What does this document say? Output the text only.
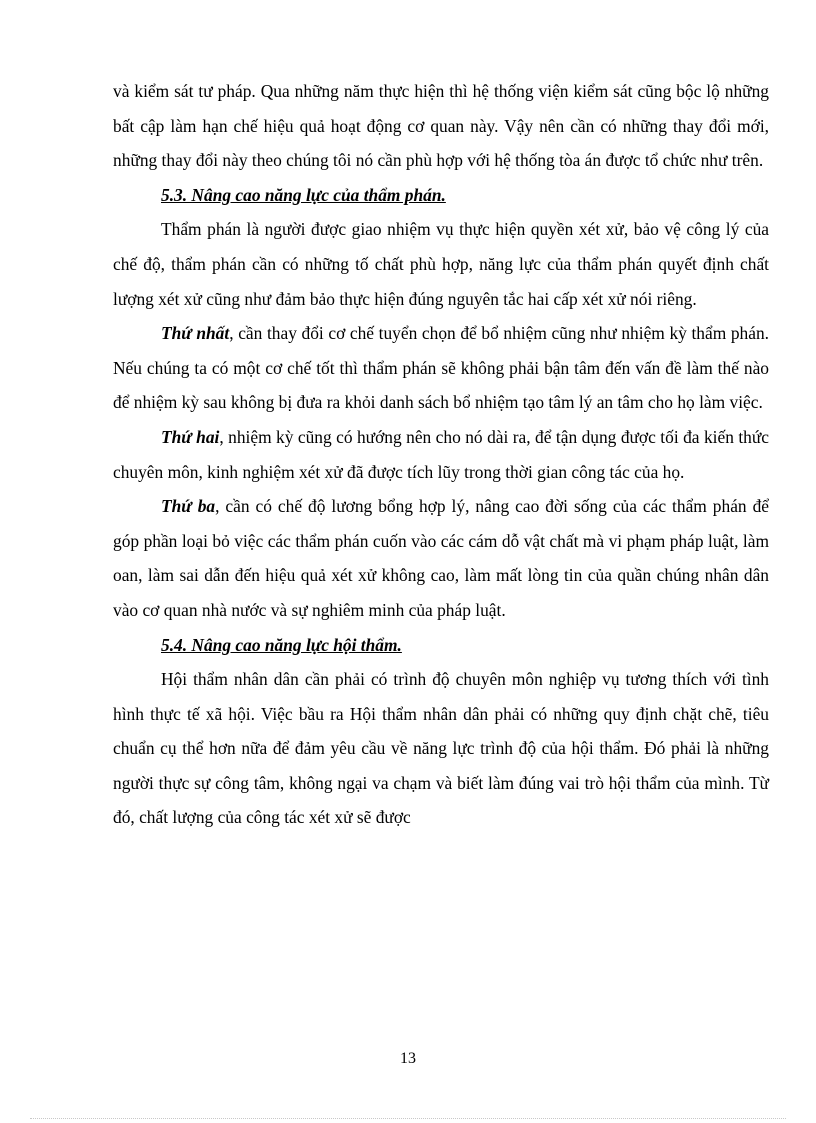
và kiểm sát tư pháp. Qua những năm thực hiện thì hệ thống viện kiểm sát cũng bộc lộ những bất cập làm hạn chế hiệu quả hoạt động cơ quan này. Vậy nên cần có những thay đổi mới, những thay đổi này theo chúng tôi nó cần phù hợp với hệ thống tòa án được tổ chức như trên.

5.3. Nâng cao năng lực của thẩm phán.

Thẩm phán là người được giao nhiệm vụ thực hiện quyền xét xử, bảo vệ công lý của chế độ, thẩm phán cần có những tố chất phù hợp, năng lực của thẩm phán quyết định chất lượng xét xử cũng như đảm bảo thực hiện đúng nguyên tắc hai cấp xét xử nói riêng.

Thứ nhất, cần thay đổi cơ chế tuyển chọn để bổ nhiệm cũng như nhiệm kỳ thẩm phán. Nếu chúng ta có một cơ chế tốt thì thẩm phán sẽ không phải bận tâm đến vấn đề làm thế nào để nhiệm kỳ sau không bị đưa ra khỏi danh sách bổ nhiệm tạo tâm lý an tâm cho họ làm việc.

Thứ hai, nhiệm kỳ cũng có hướng nên cho nó dài ra, để tận dụng được tối đa kiến thức chuyên môn, kinh nghiệm xét xử đã được tích lũy trong thời gian công tác của họ.

Thứ ba, cần có chế độ lương bổng hợp lý, nâng cao đời sống của các thẩm phán để góp phần loại bỏ việc các thẩm phán cuốn vào các cám dỗ vật chất mà vi phạm pháp luật, làm oan, làm sai dẫn đến hiệu quả xét xử không cao, làm mất lòng tin của quần chúng nhân dân vào cơ quan nhà nước và sự nghiêm minh của pháp luật.

5.4. Nâng cao năng lực hội thẩm.

Hội thẩm nhân dân cần phải có trình độ chuyên môn nghiệp vụ tương thích với tình hình thực tế xã hội. Việc bầu ra Hội thẩm nhân dân phải có những quy định chặt chẽ, tiêu chuẩn cụ thể hơn nữa để đảm yêu cầu về năng lực trình độ của hội thẩm. Đó phải là những người thực sự công tâm, không ngại va chạm và biết làm đúng vai trò hội thẩm của mình. Từ đó, chất lượng của công tác xét xử sẽ được

13
